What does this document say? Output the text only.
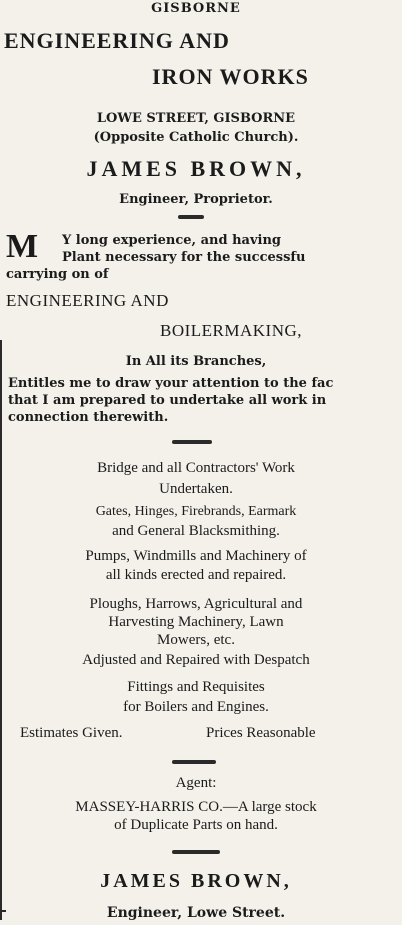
GISBORNE
ENGINEERING AND
IRON WORKS
LOWE STREET, GISBORNE
(Opposite Catholic Church).
JAMES BROWN,
Engineer, Proprietor.
M Y long experience, and having
Plant necessary for the successfu
carrying on of
ENGINEERING AND
BOILERMAKING,
In All its Branches,
Entitles me to draw your attention to the fac
that I am prepared to undertake all work in
connection therewith.
Bridge and all Contractors' Work
Undertaken.
Gates, Hinges, Firebrands, Earmark
and General Blacksmithing.
Pumps, Windmills and Machinery of
all kinds erected and repaired.
Ploughs, Harrows, Agricultural and
Harvesting Machinery, Lawn
Mowers, etc.
Adjusted and Repaired with Despatch
Fittings and Requisites
for Boilers and Engines.
Estimates Given.	Prices Reasonable
Agent:
MASSEY-HARRIS CO.—A large stock
of Duplicate Parts on hand.
JAMES BROWN,
Engineer, Lowe Street.
